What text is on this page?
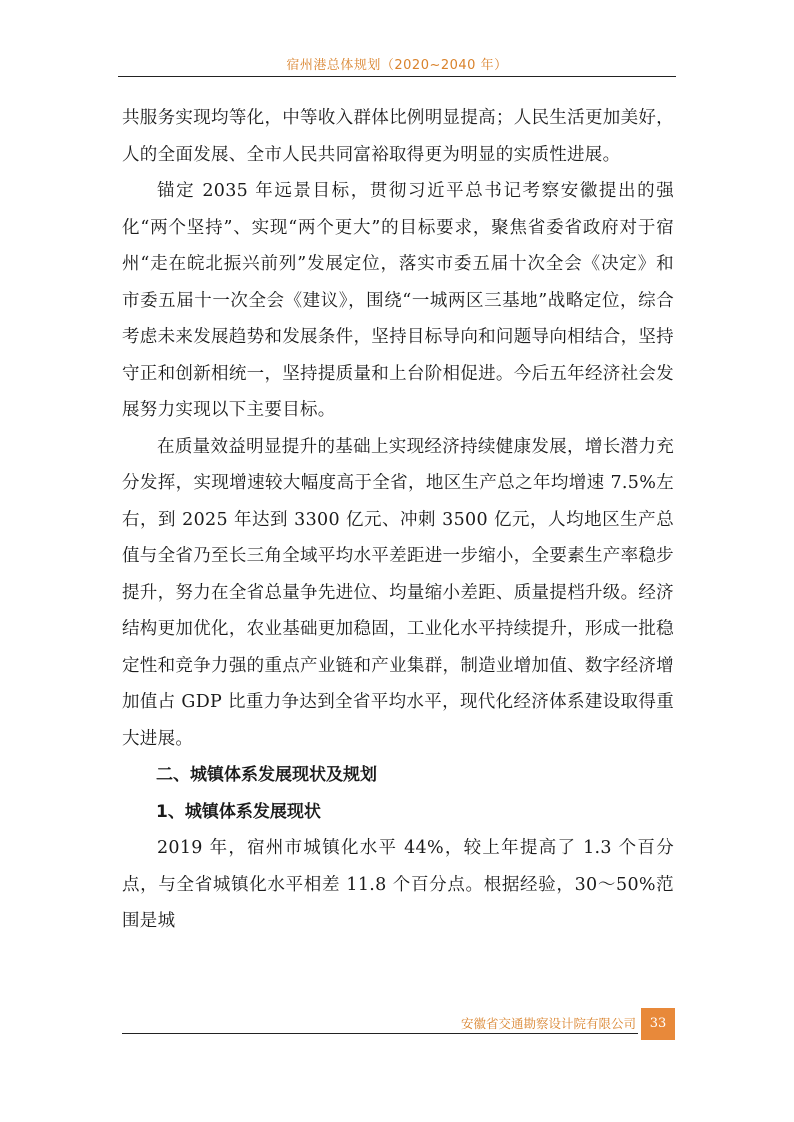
宿州港总体规划（2020~2040 年）

共服务实现均等化，中等收入群体比例明显提高；人民生活更加美好，人的全面发展、全市人民共同富裕取得更为明显的实质性进展。

锚定 2035 年远景目标，贯彻习近平总书记考察安徽提出的强化“两个坚持”、实现“两个更大”的目标要求，聚焦省委省政府对于宿州“走在皖北振兴前列”发展定位，落实市委五届十次全会《决定》和市委五届十一次全会《建议》，围绕“一城两区三基地”战略定位，综合考虑未来发展趋势和发展条件，坚持目标导向和问题导向相结合，坚持守正和创新相统一，坚持提质量和上台阶相促进。今后五年经济社会发展努力实现以下主要目标。

在质量效益明显提升的基础上实现经济持续健康发展，增长潜力充分发挥，实现增速较大幅度高于全省，地区生产总之年均增速 7.5%左右，到 2025 年达到 3300 亿元、冲刺 3500 亿元，人均地区生产总值与全省乃至长三角全域平均水平差距进一步缩小，全要素生产率稳步提升，努力在全省总量争先进位、均量缩小差距、质量提档升级。经济结构更加优化，农业基础更加稳固，工业化水平持续提升，形成一批稳定性和竞争力强的重点产业链和产业集群，制造业增加值、数字经济增加值占 GDP 比重力争达到全省平均水平，现代化经济体系建设取得重大进展。

二、城镇体系发展现状及规划

1、城镇体系发展现状

2019 年，宿州市城镇化水平 44%，较上年提高了 1.3 个百分点，与全省城镇化水平相差 11.8 个百分点。根据经验，30～50%范围是城

安徽省交通勘察设计院有限公司	33
